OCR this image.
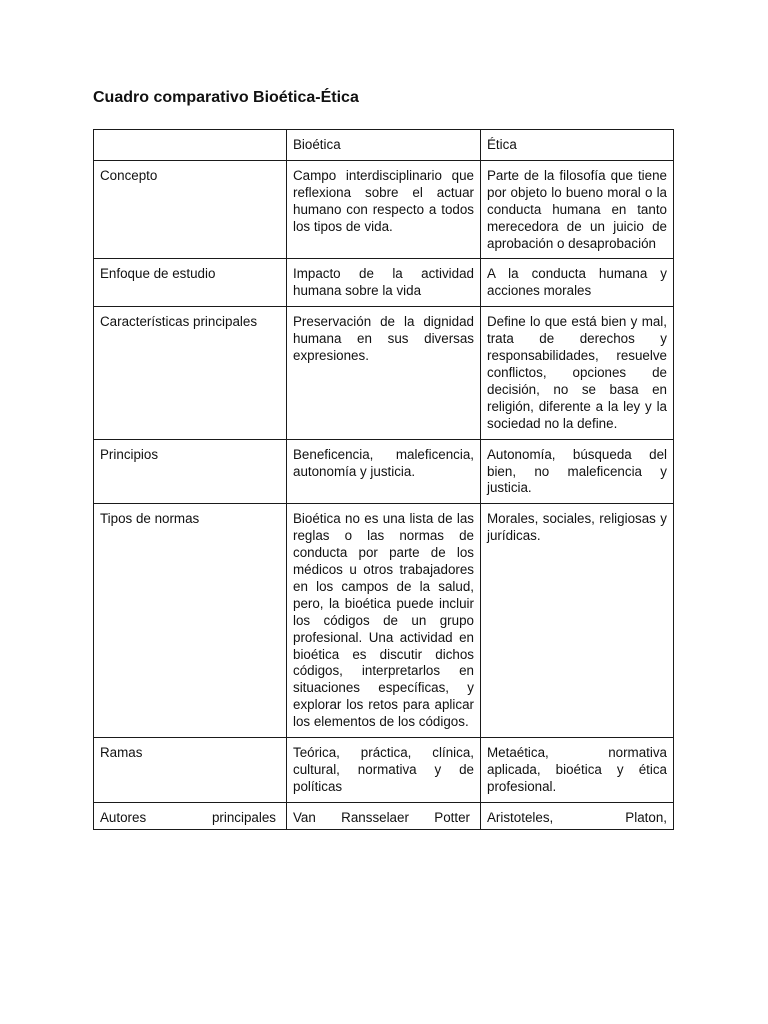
Cuadro comparativo Bioética-Ética
	Bioética	Ética
Concepto	Campo interdisciplinario que reflexiona sobre el actuar humano con respecto a todos los tipos de vida.	Parte de la filosofía que tiene por objeto lo bueno moral o la conducta humana en tanto merecedora de un juicio de aprobación o desaprobación
Enfoque de estudio	Impacto de la actividad humana sobre la vida	A la conducta humana y acciones morales
Características principales	Preservación de la dignidad humana en sus diversas expresiones.	Define lo que está bien y mal, trata de derechos y responsabilidades, resuelve conflictos, opciones de decisión, no se basa en religión, diferente a la ley y la sociedad no la define.
Principios	Beneficencia, maleficencia, autonomía y justicia.	Autonomía, búsqueda del bien, no maleficencia y justicia.
Tipos de normas	Bioética no es una lista de las reglas o las normas de conducta por parte de los médicos u otros trabajadores en los campos de la salud, pero, la bioética puede incluir los códigos de un grupo profesional. Una actividad en bioética es discutir dichos códigos, interpretarlos en situaciones específicas, y explorar los retos para aplicar los elementos de los códigos.	Morales, sociales, religiosas y jurídicas.
Ramas	Teórica, práctica, clínica, cultural, normativa y de políticas	Metaética, normativa aplicada, bioética y ética profesional.
Autores principales	Van Ransselaer Potter	Aristoteles, Platon,
